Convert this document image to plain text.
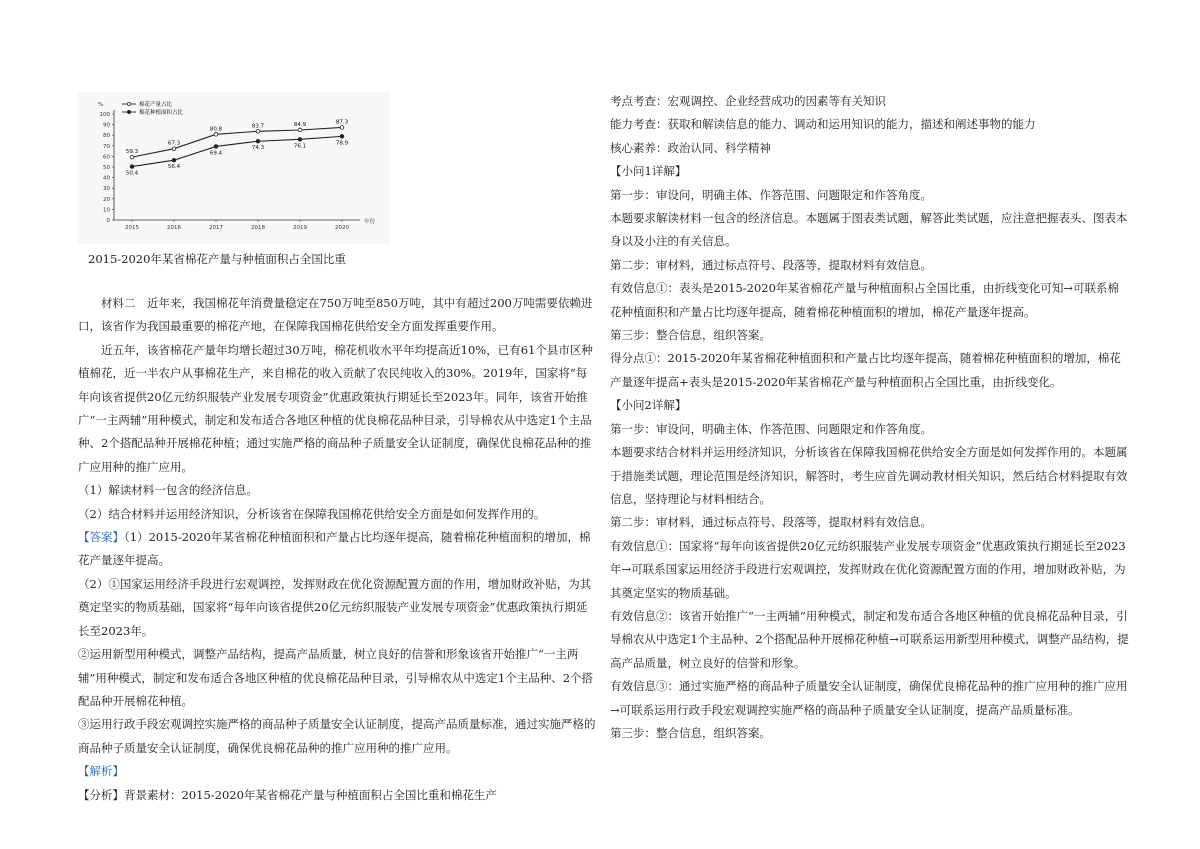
%
年份
0
10
20
30
40
50
60
70
80
90
100
2015	2016	2017	2018	2019	2020
59.3
67.3
80.8
83.7	84.9	87.3
50.4
56.4
69.4
74.3	76.1	78.9
棉花产量占比
棉花种植面积占比
2015-2020年某省棉花产量与种植面积占全国比重

材料二　近年来，我国棉花年消费量稳定在750万吨至850万吨，其中有超过200万吨需要依赖进口，该省作为我国最重要的棉花产地，在保障我国棉花供给安全方面发挥重要作用。

近五年，该省棉花产量年均增长超过30万吨，棉花机收水平年均提高近10%，已有61个县市区种植棉花，近一半农户从事棉花生产，来自棉花的收入贡献了农民纯收入的30%。2019年，国家将“每年向该省提供20亿元纺织服装产业发展专项资金”优惠政策执行期延长至2023年。同年，该省开始推广“一主两辅”用种模式，制定和发布适合各地区种植的优良棉花品种目录，引导棉农从中选定1个主品种、2个搭配品种开展棉花种植；通过实施严格的商品种子质量安全认证制度，确保优良棉花品种的推广应用种的推广应用。

（1）解读材料一包含的经济信息。

（2）结合材料并运用经济知识，分析该省在保障我国棉花供给安全方面是如何发挥作用的。

【答案】（1）2015-2020年某省棉花种植面积和产量占比均逐年提高，随着棉花种植面积的增加，棉花产量逐年提高。

（2）①国家运用经济手段进行宏观调控，发挥财政在优化资源配置方面的作用，增加财政补贴，为其奠定坚实的物质基础，国家将“每年向该省提供20亿元纺织服装产业发展专项资金”优惠政策执行期延长至2023年。

②运用新型用种模式，调整产品结构，提高产品质量，树立良好的信誉和形象该省开始推广“一主两辅”用种模式，制定和发布适合各地区种植的优良棉花品种目录，引导棉农从中选定1个主品种、2个搭配品种开展棉花种植。

③运用行政手段宏观调控实施严格的商品种子质量安全认证制度，提高产品质量标准，通过实施严格的商品种子质量安全认证制度，确保优良棉花品种的推广应用种的推广应用。

【解析】

【分析】背景素材：2015-2020年某省棉花产量与种植面积占全国比重和棉花生产

考点考查：宏观调控、企业经营成功的因素等有关知识

能力考查：获取和解读信息的能力、调动和运用知识的能力，描述和阐述事物的能力

核心素养：政治认同、科学精神

【小问1详解】

第一步：审设问，明确主体、作答范围、问题限定和作答角度。

本题要求解读材料一包含的经济信息。本题属于图表类试题，解答此类试题，应注意把握表头、图表本身以及小注的有关信息。

第二步：审材料，通过标点符号、段落等，提取材料有效信息。

有效信息①：表头是2015-2020年某省棉花产量与种植面积占全国比重，由折线变化可知→可联系棉花种植面积和产量占比均逐年提高，随着棉花种植面积的增加，棉花产量逐年提高。

第三步：整合信息，组织答案。

得分点①：2015-2020年某省棉花种植面积和产量占比均逐年提高，随着棉花种植面积的增加，棉花产量逐年提高+表头是2015-2020年某省棉花产量与种植面积占全国比重，由折线变化。

【小问2详解】

第一步：审设问，明确主体、作答范围、问题限定和作答角度。

本题要求结合材料并运用经济知识，分析该省在保障我国棉花供给安全方面是如何发挥作用的。本题属于措施类试题，理论范围是经济知识，解答时，考生应首先调动教材相关知识，然后结合材料提取有效信息，坚持理论与材料相结合。

第二步：审材料，通过标点符号、段落等，提取材料有效信息。

有效信息①：国家将“每年向该省提供20亿元纺织服装产业发展专项资金”优惠政策执行期延长至2023年→可联系国家运用经济手段进行宏观调控，发挥财政在优化资源配置方面的作用，增加财政补贴，为其奠定坚实的物质基础。

有效信息②：该省开始推广“一主两辅”用种模式，制定和发布适合各地区种植的优良棉花品种目录，引导棉农从中选定1个主品种、2个搭配品种开展棉花种植→可联系运用新型用种模式，调整产品结构，提高产品质量，树立良好的信誉和形象。

有效信息③：通过实施严格的商品种子质量安全认证制度，确保优良棉花品种的推广应用种的推广应用→可联系运用行政手段宏观调控实施严格的商品种子质量安全认证制度，提高产品质量标准。

第三步：整合信息，组织答案。
